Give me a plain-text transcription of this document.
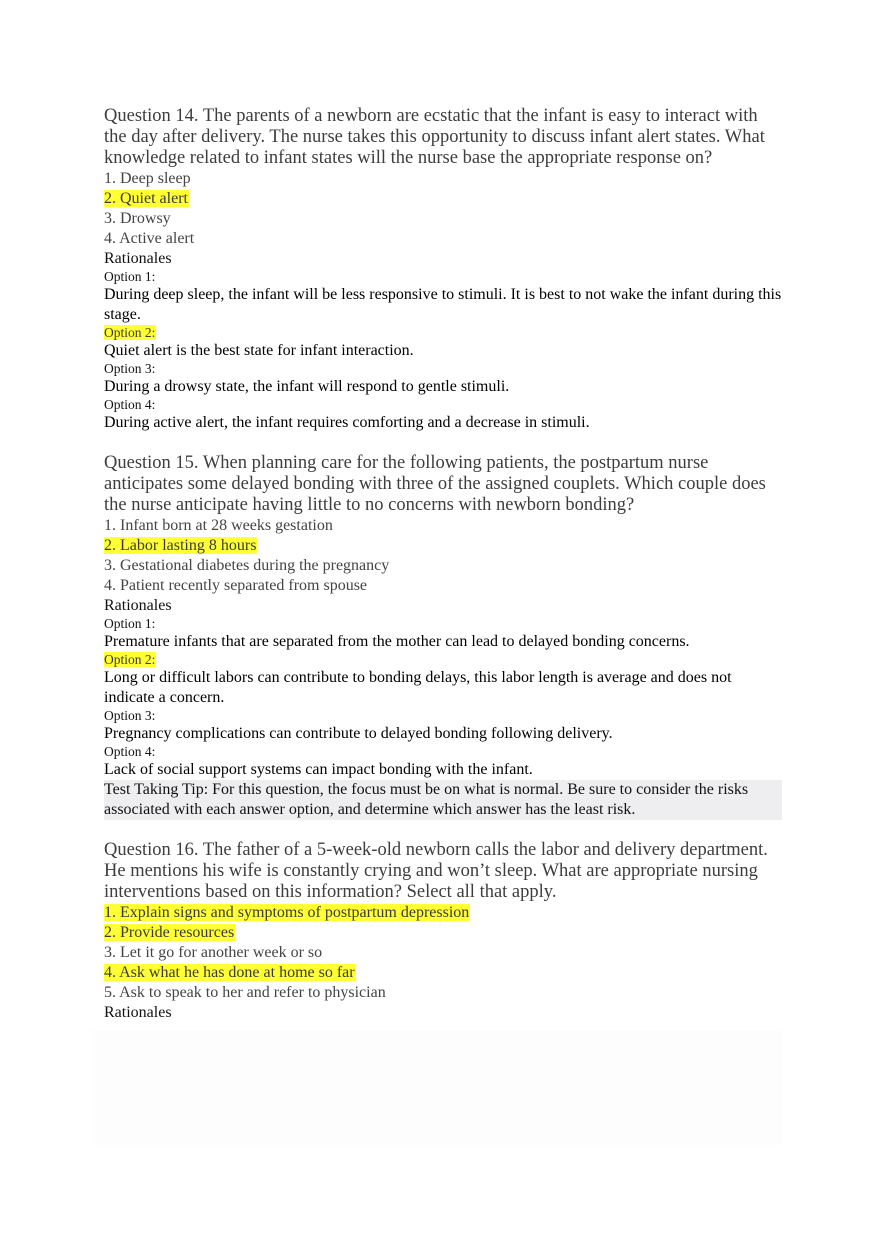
Question 14. The parents of a newborn are ecstatic that the infant is easy to interact with the day after delivery. The nurse takes this opportunity to discuss infant alert states. What knowledge related to infant states will the nurse base the appropriate response on?

1. Deep sleep

2. Quiet alert

3. Drowsy

4. Active alert

Rationales

Option 1:

During deep sleep, the infant will be less responsive to stimuli. It is best to not wake the infant during this stage.

Option 2:

Quiet alert is the best state for infant interaction.

Option 3:

During a drowsy state, the infant will respond to gentle stimuli.

Option 4:

During active alert, the infant requires comforting and a decrease in stimuli.

Question 15. When planning care for the following patients, the postpartum nurse anticipates some delayed bonding with three of the assigned couplets. Which couple does the nurse anticipate having little to no concerns with newborn bonding?

1. Infant born at 28 weeks gestation

2. Labor lasting 8 hours

3. Gestational diabetes during the pregnancy

4. Patient recently separated from spouse

Rationales

Option 1:

Premature infants that are separated from the mother can lead to delayed bonding concerns.

Option 2:

Long or difficult labors can contribute to bonding delays, this labor length is average and does not indicate a concern.

Option 3:

Pregnancy complications can contribute to delayed bonding following delivery.

Option 4:

Lack of social support systems can impact bonding with the infant.

Test Taking Tip: For this question, the focus must be on what is normal. Be sure to consider the risks associated with each answer option, and determine which answer has the least risk.

Question 16. The father of a 5-week-old newborn calls the labor and delivery department. He mentions his wife is constantly crying and won’t sleep. What are appropriate nursing interventions based on this information? Select all that apply.

1. Explain signs and symptoms of postpartum depression

2. Provide resources

3. Let it go for another week or so

4. Ask what he has done at home so far

5. Ask to speak to her and refer to physician

Rationales
